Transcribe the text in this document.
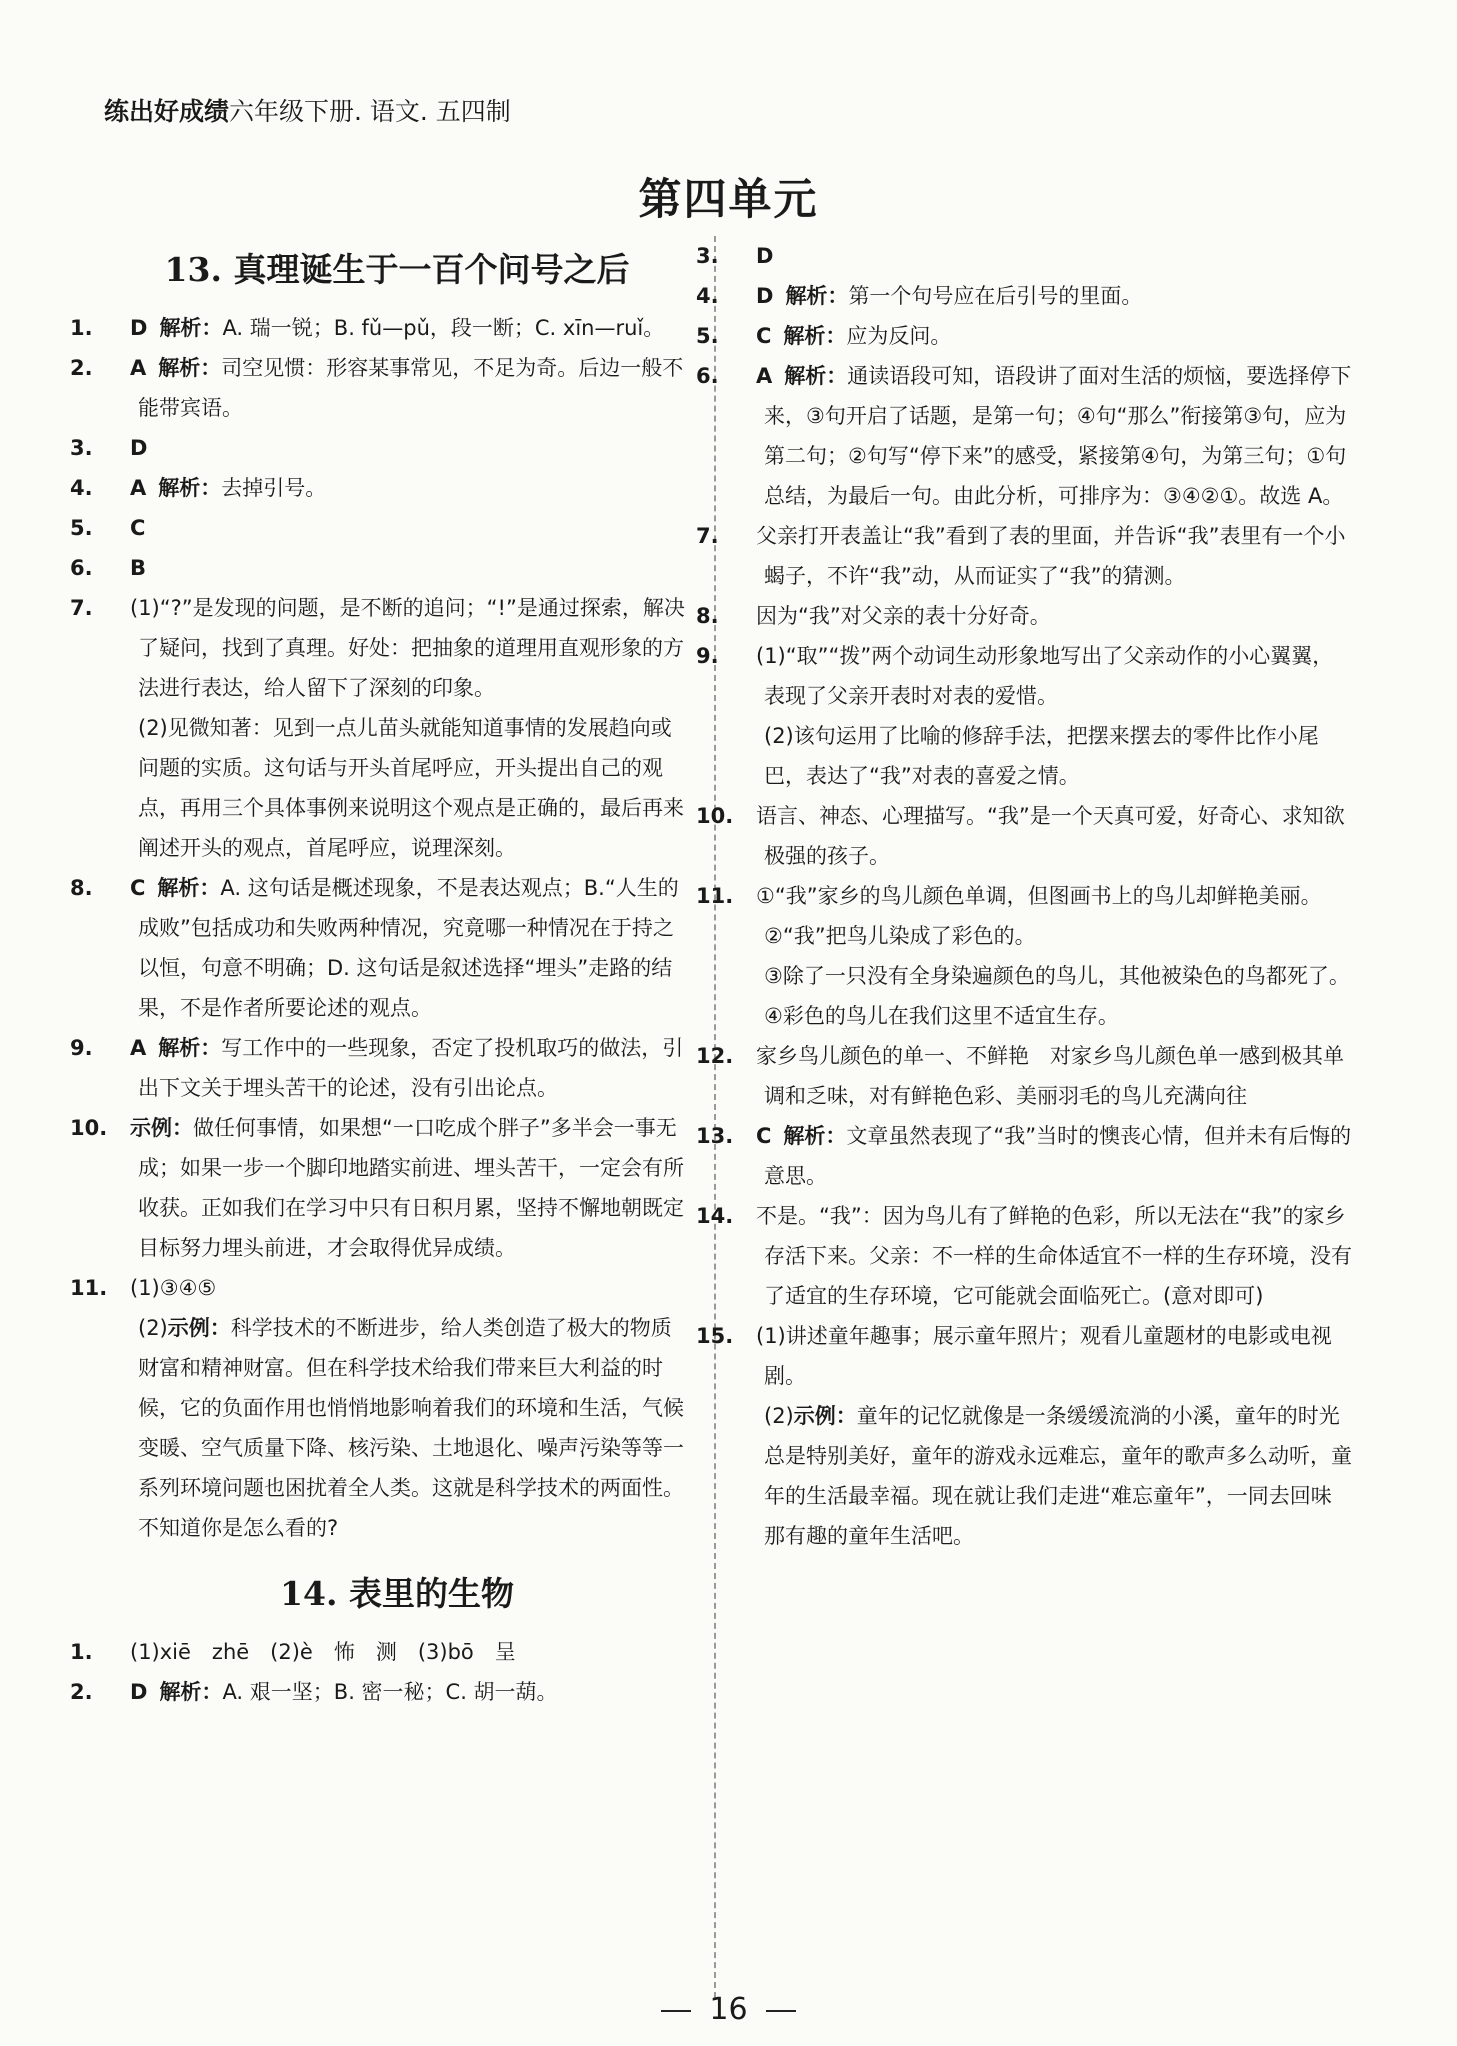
练出好成绩六年级下册. 语文. 五四制
第四单元
13. 真理诞生于一百个问号之后

1. D 解析：A. 瑞一锐；B. fǔ—pǔ，段一断；C. xīn—ruǐ。

2. A 解析：司空见惯：形容某事常见，不足为奇。后边一般不能带宾语。

3. D

4. A 解析：去掉引号。

5. C

6. B

7. (1)“?”是发现的问题，是不断的追问；“!”是通过探索，解决了疑问，找到了真理。好处：把抽象的道理用直观形象的方法进行表达，给人留下了深刻的印象。

(2)见微知著：见到一点儿苗头就能知道事情的发展趋向或问题的实质。这句话与开头首尾呼应，开头提出自己的观点，再用三个具体事例来说明这个观点是正确的，最后再来阐述开头的观点，首尾呼应，说理深刻。

8. C 解析：A. 这句话是概述现象，不是表达观点；B.“人生的成败”包括成功和失败两种情况，究竟哪一种情况在于持之以恒，句意不明确；D. 这句话是叙述选择“埋头”走路的结果，不是作者所要论述的观点。

9. A 解析：写工作中的一些现象，否定了投机取巧的做法，引出下文关于埋头苦干的论述，没有引出论点。

10. 示例：做任何事情，如果想“一口吃成个胖子”多半会一事无成；如果一步一个脚印地踏实前进、埋头苦干，一定会有所收获。正如我们在学习中只有日积月累，坚持不懈地朝既定目标努力埋头前进，才会取得优异成绩。

11. (1)③④⑤

(2)示例：科学技术的不断进步，给人类创造了极大的物质财富和精神财富。但在科学技术给我们带来巨大利益的时候，它的负面作用也悄悄地影响着我们的环境和生活，气候变暖、空气质量下降、核污染、土地退化、噪声污染等等一系列环境问题也困扰着全人类。这就是科学技术的两面性。不知道你是怎么看的?

14. 表里的生物

1. (1)xiē　zhē　(2)è　怖　测　(3)bō　呈

2. D 解析：A. 艰一坚；B. 密一秘；C. 胡一葫。

3. D

4. D 解析：第一个句号应在后引号的里面。

5. C 解析：应为反问。

6. A 解析：通读语段可知，语段讲了面对生活的烦恼，要选择停下来，③句开启了话题，是第一句；④句“那么”衔接第③句，应为第二句；②句写“停下来”的感受，紧接第④句，为第三句；①句总结，为最后一句。由此分析，可排序为：③④②①。故选 A。

7. 父亲打开表盖让“我”看到了表的里面，并告诉“我”表里有一个小蝎子，不许“我”动，从而证实了“我”的猜测。

8. 因为“我”对父亲的表十分好奇。

9. (1)“取”“拨”两个动词生动形象地写出了父亲动作的小心翼翼，表现了父亲开表时对表的爱惜。

(2)该句运用了比喻的修辞手法，把摆来摆去的零件比作小尾巴，表达了“我”对表的喜爱之情。

10. 语言、神态、心理描写。“我”是一个天真可爱，好奇心、求知欲极强的孩子。

11. ①“我”家乡的鸟儿颜色单调，但图画书上的鸟儿却鲜艳美丽。

②“我”把鸟儿染成了彩色的。

③除了一只没有全身染遍颜色的鸟儿，其他被染色的鸟都死了。

④彩色的鸟儿在我们这里不适宜生存。

12. 家乡鸟儿颜色的单一、不鲜艳　对家乡鸟儿颜色单一感到极其单调和乏味，对有鲜艳色彩、美丽羽毛的鸟儿充满向往

13. C 解析：文章虽然表现了“我”当时的懊丧心情，但并未有后悔的意思。

14. 不是。“我”：因为鸟儿有了鲜艳的色彩，所以无法在“我”的家乡存活下来。父亲：不一样的生命体适宜不一样的生存环境，没有了适宜的生存环境，它可能就会面临死亡。(意对即可)

15. (1)讲述童年趣事；展示童年照片；观看儿童题材的电影或电视剧。

(2)示例：童年的记忆就像是一条缓缓流淌的小溪，童年的时光总是特别美好，童年的游戏永远难忘，童年的歌声多么动听，童年的生活最幸福。现在就让我们走进“难忘童年”，一同去回味那有趣的童年生活吧。

16
